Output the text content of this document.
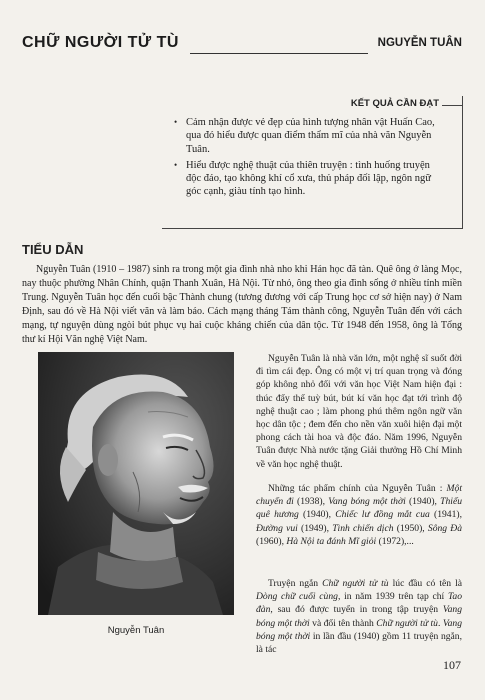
CHỮ NGƯỜI TỬ TÙ	NGUYỄN TUÂN
KẾT QUẢ CẦN ĐẠT
• Cảm nhận được vẻ đẹp của hình tượng nhân vật Huấn Cao, qua đó hiểu được quan điểm thẩm mĩ của nhà văn Nguyễn Tuân.
• Hiểu được nghệ thuật của thiên truyện : tình huống truyện độc đáo, tạo không khí cổ xưa, thủ pháp đối lập, ngôn ngữ góc cạnh, giàu tính tạo hình.
TIỂU DẪN

Nguyễn Tuân (1910 – 1987) sinh ra trong một gia đình nhà nho khi Hán học đã tàn. Quê ông ở làng Mọc, nay thuộc phường Nhân Chính, quận Thanh Xuân, Hà Nội. Từ nhỏ, ông theo gia đình sống ở nhiều tỉnh miền Trung. Nguyễn Tuân học đến cuối bậc Thành chung (tương đương với cấp Trung học cơ sở hiện nay) ở Nam Định, sau đó về Hà Nội viết văn và làm báo. Cách mạng tháng Tám thành công, Nguyễn Tuân đến với cách mạng, tự nguyện dùng ngòi bút phục vụ hai cuộc kháng chiến của dân tộc. Từ 1948 đến 1958, ông là Tổng thư kí Hội Văn nghệ Việt Nam.

Nguyễn Tuân

Nguyễn Tuân là nhà văn lớn, một nghệ sĩ suốt đời đi tìm cái đẹp. Ông có một vị trí quan trọng và đóng góp không nhỏ đối với văn học Việt Nam hiện đại : thúc đẩy thể tuỳ bút, bút kí văn học đạt tới trình độ nghệ thuật cao ; làm phong phú thêm ngôn ngữ văn học dân tộc ; đem đến cho nền văn xuôi hiện đại một phong cách tài hoa và độc đáo. Năm 1996, Nguyễn Tuân được Nhà nước tặng Giải thưởng Hồ Chí Minh về văn học nghệ thuật.

Những tác phẩm chính của Nguyễn Tuân : Một chuyến đi (1938), Vang bóng một thời (1940), Thiếu quê hương (1940), Chiếc lư đồng mắt cua (1941), Đường vui (1949), Tình chiến dịch (1950), Sông Đà (1960), Hà Nội ta đánh Mĩ giỏi (1972),...

Truyện ngắn Chữ người tử tù lúc đầu có tên là Dòng chữ cuối cùng, in năm 1939 trên tạp chí Tao đàn, sau đó được tuyển in trong tập truyện Vang bóng một thời và đổi tên thành Chữ người tử tù. Vang bóng một thời in lần đầu (1940) gồm 11 truyện ngắn, là tác

107
